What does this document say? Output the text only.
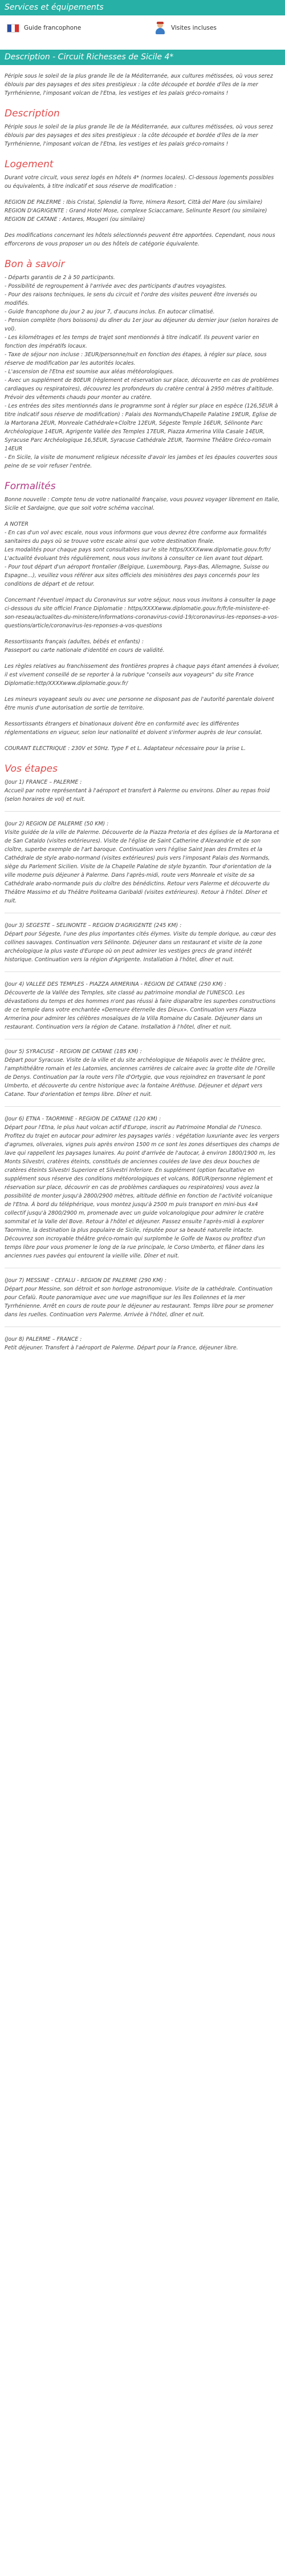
Services et équipements
Guide francophone	Visites incluses
Description - Circuit Richesses de Sicile 4*

Périple sous le soleil de la plus grande île de la Méditerranée, aux cultures métissées, où vous serez éblouis par des paysages et des sites prestigieux : la côte découpée et bordée d'îles de la mer Tyrrhénienne, l'imposant volcan de l'Etna, les vestiges et les palais gréco-romains !

Description

Périple sous le soleil de la plus grande île de la Méditerranée, aux cultures métissées, où vous serez éblouis par des paysages et des sites prestigieux : la côte découpée et bordée d'îles de la mer Tyrrhénienne, l'imposant volcan de l'Etna, les vestiges et les palais gréco-romains !

Logement

Durant votre circuit, vous serez logés en hôtels 4* (normes locales). Ci-dessous logements possibles ou équivalents, à titre indicatif et sous réserve de modification :

REGION DE PALERME : Ibis Cristal, Splendid la Torre, Himera Resort, Città del Mare (ou similaire)
REGION D'AGRIGENTE : Grand Hotel Mose, complexe Sciaccamare, Selinunte Resort (ou similaire)
REGION DE CATANE : Antares, Mougeri (ou similaire)

Des modifications concernant les hôtels sélectionnés peuvent être apportées. Cependant, nous nous efforcerons de vous proposer un ou des hôtels de catégorie équivalente.

Bon à savoir

- Départs garantis de 2 à 50 participants.
- Possibilité de regroupement à l'arrivée avec des participants d'autres voyagistes.
- Pour des raisons techniques, le sens du circuit et l'ordre des visites peuvent être inversés ou modifiés.
- Guide francophone du jour 2 au jour 7, d'aucuns inclus. En autocar climatisé.
- Pension complète (hors boissons) du dîner du 1er jour au déjeuner du dernier jour (selon horaires de vol).
- Les kilométrages et les temps de trajet sont mentionnés à titre indicatif. Ils peuvent varier en fonction des impératifs locaux.
- Taxe de séjour non incluse : 3EUR/personne/nuit en fonction des étapes, à régler sur place, sous réserve de modification par les autorités locales.
- L'ascension de l'Etna est soumise aux aléas météorologiques.
- Avec un supplément de 80EUR (règlement et réservation sur place, découverte en cas de problèmes cardiaques ou respiratoires), découvrez les profondeurs du cratère central à 2950 mètres d'altitude. Prévoir des vêtements chauds pour monter au cratère.
- Les entrées des sites mentionnés dans le programme sont à régler sur place en espèce (126,5EUR à titre indicatif sous réserve de modification) : Palais des Normands/Chapelle Palatine 19EUR, Eglise de la Martorana 2EUR, Monreale Cathédrale+Cloître 12EUR, Ségeste Temple 16EUR, Sélinonte Parc Archéologique 14EUR, Agrigente Vallée des Temples 17EUR, Piazza Armerina Villa Casale 14EUR, Syracuse Parc Archéologique 16,5EUR, Syracuse Cathédrale 2EUR, Taormine Théâtre Gréco-romain 14EUR
- En Sicile, la visite de monument religieux nécessite d'avoir les jambes et les épaules couvertes sous peine de se voir refuser l'entrée.

Formalités

Bonne nouvelle : Compte tenu de votre nationalité française, vous pouvez voyager librement en Italie, Sicile et Sardaigne, que que soit votre schéma vaccinal.

A NOTER
- En cas d'un vol avec escale, nous vous informons que vous devrez être conforme aux formalités sanitaires du pays où se trouve votre escale ainsi que votre destination finale.
Les modalités pour chaque pays sont consultables sur le site https/XXXXwww.diplomatie.gouv.fr/fr/ L'actualité évoluant très régulièrement, nous vous invitons à consulter ce lien avant tout départ.
- Pour tout départ d'un aéroport frontalier (Belgique, Luxembourg, Pays-Bas, Allemagne, Suisse ou Espagne...), veuillez vous référer aux sites officiels des ministères des pays concernés pour les conditions de départ et de retour.

Concernant l'éventuel impact du Coronavirus sur votre séjour, nous vous invitons à consulter la page ci-dessous du site officiel France Diplomatie : https/XXXXwww.diplomatie.gouv.fr/fr/le-ministere-et-son-reseau/actualites-du-ministere/informations-coronavirus-covid-19/coronavirus-les-reponses-a-vos-questions/article/coronavirus-les-reponses-a-vos-questions

Ressortissants français (adultes, bébés et enfants) :
Passeport ou carte nationale d'identité en cours de validité.

Les règles relatives au franchissement des frontières propres à chaque pays étant amenées à évoluer, il est vivement conseillé de se reporter à la rubrique "conseils aux voyageurs" du site France Diplomatie:http/XXXXwww.diplomatie.gouv.fr/

Les mineurs voyageant seuls ou avec une personne ne disposant pas de l'autorité parentale doivent être munis d'une autorisation de sortie de territoire.

Ressortissants étrangers et binationaux doivent être en conformité avec les différentes réglementations en vigueur, selon leur nationalité et doivent s'informer auprès de leur consulat.

COURANT ELECTRIQUE : 230V et 50Hz. Type F et L. Adaptateur nécessaire pour la prise L.

Vos étapes

(Jour 1) FRANCE – PALERME :
Accueil par notre représentant à l'aéroport et transfert à Palerme ou environs. Dîner au repas froid (selon horaires de vol) et nuit.

(Jour 2) REGION DE PALERME (50 KM) :
Visite guidée de la ville de Palerme. Découverte de la Piazza Pretoria et des églises de la Martorana et de San Cataldo (visites extérieures). Visite de l'église de Saint Catherine d'Alexandrie et de son cloître, superbe exemple de l'art baroque. Continuation vers l'église Saint Jean des Ermites et la Cathédrale de style arabo-normand (visites extérieures) puis vers l'imposant Palais des Normands, siège du Parlement Sicilien. Visite de la Chapelle Palatine de style byzantin. Tour d'orientation de la ville moderne puis déjeuner à Palerme. Dans l'après-midi, route vers Monreale et visite de sa Cathédrale arabo-normande puis du cloître des bénédictins. Retour vers Palerme et découverte du Théâtre Massimo et du Théâtre Politeama Garibaldi (visites extérieures). Retour à l'hôtel. Dîner et nuit.

(Jour 3) SEGESTE – SELINONTE – REGION D'AGRIGENTE (245 KM) :
Départ pour Ségeste, l'une des plus importantes cités élymes. Visite du temple dorique, au cœur des collines sauvages. Continuation vers Sélinonte. Déjeuner dans un restaurant et visite de la zone archéologique la plus vaste d'Europe où on peut admirer les vestiges grecs de grand intérêt historique. Continuation vers la région d'Agrigente. Installation à l'hôtel, dîner et nuit.

(Jour 4) VALLEE DES TEMPLES - PIAZZA ARMERINA - REGION DE CATANE (250 KM) :
Découverte de la Vallée des Temples, site classé au patrimoine mondial de l'UNESCO. Les dévastations du temps et des hommes n'ont pas réussi à faire disparaître les superbes constructions de ce temple dans votre enchantée «Demeure éternelle des Dieux». Continuation vers Piazza Armerina pour admirer les célèbres mosaïques de la Villa Romaine du Casale. Déjeuner dans un restaurant. Continuation vers la région de Catane. Installation à l'hôtel, dîner et nuit.

(Jour 5) SYRACUSE - REGION DE CATANE (185 KM) :
Départ pour Syracuse. Visite de la ville et du site archéologique de Néapolis avec le théâtre grec, l'amphithéâtre romain et les Latomies, anciennes carrières de calcaire avec la grotte dite de l'Oreille de Denys. Continuation par la route vers l'île d'Ortygie, que vous rejoindrez en traversant le pont Umberto, et découverte du centre historique avec la fontaine Aréthuse. Déjeuner et départ vers Catane. Tour d'orientation et temps libre. Dîner et nuit.

(Jour 6) ETNA - TAORMINE - REGION DE CATANE (120 KM) :
Départ pour l'Etna, le plus haut volcan actif d'Europe, inscrit au Patrimoine Mondial de l'Unesco. Profitez du trajet en autocar pour admirer les paysages variés : végétation luxuriante avec les vergers d'agrumes, oliveraies, vignes puis après environ 1500 m ce sont les zones désertiques des champs de lave qui rappellent les paysages lunaires. Au point d'arrivée de l'autocar, à environ 1800/1900 m, les Monts Silvestri, cratères éteints, constitués de anciennes coulées de lave des deux bouches de cratères éteints Silvestri Superiore et Silvestri Inferiore. En supplément (option facultative en supplément sous réserve des conditions météorologiques et volcans, 80EUR/personne règlement et réservation sur place, découvrir en cas de problèmes cardiaques ou respiratoires) vous avez la possibilité de monter jusqu'à 2800/2900 mètres, altitude définie en fonction de l'activité volcanique de l'Etna. À bord du téléphérique, vous montez jusqu'à 2500 m puis transport en mini-bus 4x4 collectif jusqu'à 2800/2900 m, promenade avec un guide volcanologique pour admirer le cratère sommital et la Valle del Bove. Retour à l'hôtel et déjeuner. Passez ensuite l'après-midi à explorer Taormine, la destination la plus populaire de Sicile, réputée pour sa beauté naturelle intacte. Découvrez son incroyable théâtre gréco-romain qui surplombe le Golfe de Naxos ou profitez d'un temps libre pour vous promener le long de la rue principale, le Corso Umberto, et flâner dans les anciennes rues pavées qui entourent la vieille ville. Dîner et nuit.

(Jour 7) MESSINE - CEFALU - REGION DE PALERME (290 KM) :
Départ pour Messine, son détroit et son horloge astronomique. Visite de la cathédrale. Continuation pour Cefalù. Route panoramique avec une vue magnifique sur les îles Eoliennes et la mer Tyrrhénienne. Arrêt en cours de route pour le déjeuner au restaurant. Temps libre pour se promener dans les ruelles. Continuation vers Palerme. Arrivée à l'hôtel, dîner et nuit.

(Jour 8) PALERME – FRANCE :
Petit déjeuner. Transfert à l'aéroport de Palerme. Départ pour la France, déjeuner libre.
